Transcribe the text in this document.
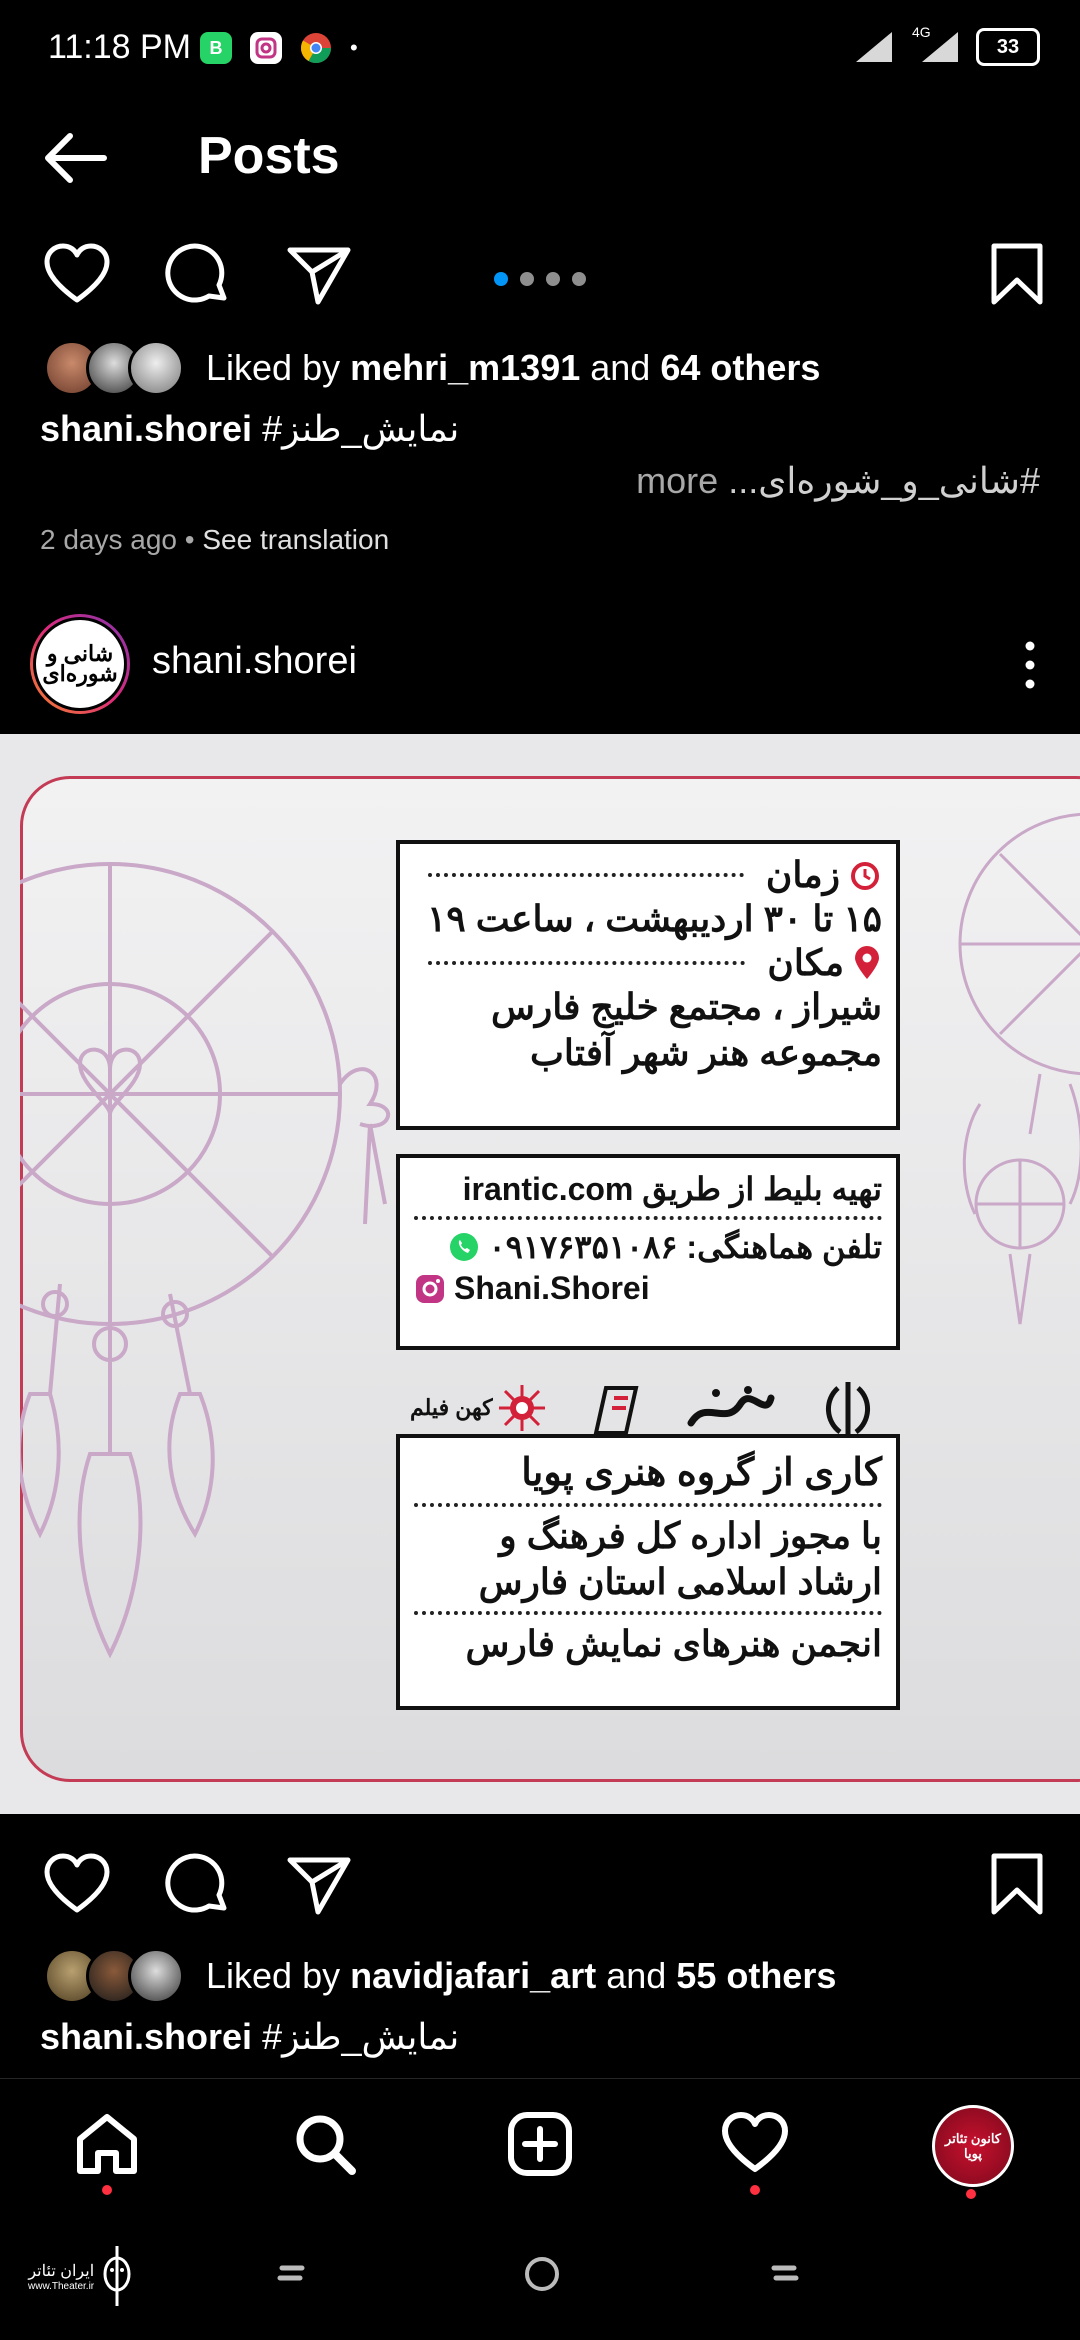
11:18 PM	B	•
4G
33
Posts
Liked by mehri_m1391 and 64 others
shani.shorei #نمایش_طنز
#شانی_و_شوره‌ای... more
2 days ago • See translation
شانی و شوره‌ای shani.shorei
زمان
۱۵ تا ۳۰ اردیبهشت ، ساعت ۱۹
مکان
شیراز ، مجتمع خلیج فارس
مجموعه هنر شهر آفتاب
تهیه بلیط از طریق irantic.com
تلفن هماهنگی: ۰۹۱۷۶۳۵۱۰۸۶
Shani.Shorei
کهن فیلم
کاری از گروه هنری پویا
با مجوز اداره کل فرهنگ و
ارشاد اسلامی استان فارس
انجمن هنرهای نمایش فارس
Liked by navidjafari_art and 55 others
shani.shorei #نمایش_طنز
کانون تئاتر پویا
ایران تئاتر
www.Theater.ir
